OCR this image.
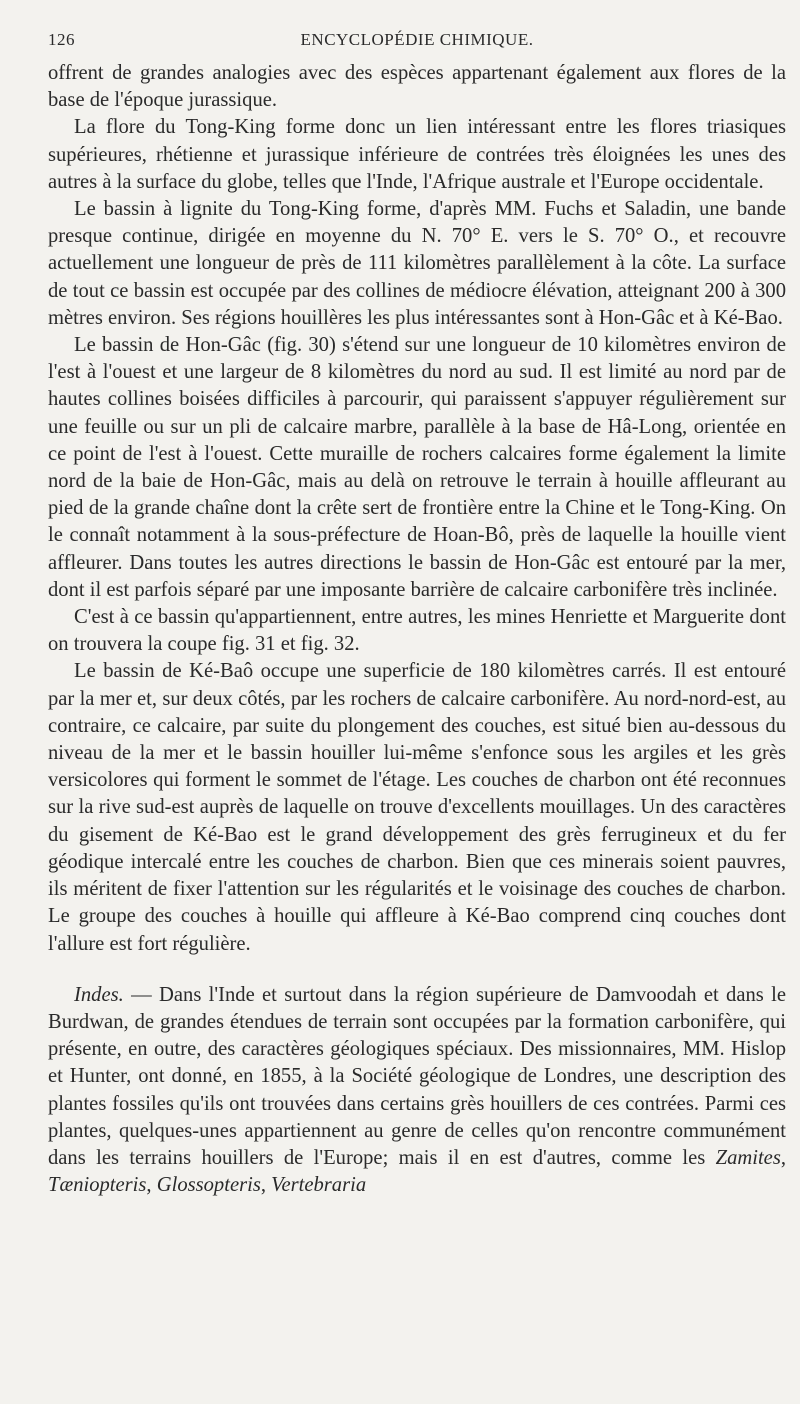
126	ENCYCLOPÉDIE CHIMIQUE.

offrent de grandes analogies avec des espèces appartenant également aux flores de la base de l'époque jurassique.

La flore du Tong-King forme donc un lien intéressant entre les flores triasiques supérieures, rhétienne et jurassique inférieure de contrées très éloignées les unes des autres à la surface du globe, telles que l'Inde, l'Afrique australe et l'Europe occidentale.

Le bassin à lignite du Tong-King forme, d'après MM. Fuchs et Saladin, une bande presque continue, dirigée en moyenne du N. 70° E. vers le S. 70° O., et recouvre actuellement une longueur de près de 111 kilomètres parallèlement à la côte. La surface de tout ce bassin est occupée par des collines de médiocre élévation, atteignant 200 à 300 mètres environ. Ses régions houillères les plus intéressantes sont à Hon-Gâc et à Ké-Bao.

Le bassin de Hon-Gâc (fig. 30) s'étend sur une longueur de 10 kilomètres environ de l'est à l'ouest et une largeur de 8 kilomètres du nord au sud. Il est limité au nord par de hautes collines boisées difficiles à parcourir, qui paraissent s'appuyer régulièrement sur une feuille ou sur un pli de calcaire marbre, parallèle à la base de Hâ-Long, orientée en ce point de l'est à l'ouest. Cette muraille de rochers calcaires forme également la limite nord de la baie de Hon-Gâc, mais au delà on retrouve le terrain à houille affleurant au pied de la grande chaîne dont la crête sert de frontière entre la Chine et le Tong-King. On le connaît notamment à la sous-préfecture de Hoan-Bô, près de laquelle la houille vient affleurer. Dans toutes les autres directions le bassin de Hon-Gâc est entouré par la mer, dont il est parfois séparé par une imposante barrière de calcaire carbonifère très inclinée.

C'est à ce bassin qu'appartiennent, entre autres, les mines Henriette et Marguerite dont on trouvera la coupe fig. 31 et fig. 32.

Le bassin de Ké-Baô occupe une superficie de 180 kilomètres carrés. Il est entouré par la mer et, sur deux côtés, par les rochers de calcaire carbonifère. Au nord-nord-est, au contraire, ce calcaire, par suite du plongement des couches, est situé bien au-dessous du niveau de la mer et le bassin houiller lui-même s'enfonce sous les argiles et les grès versicolores qui forment le sommet de l'étage. Les couches de charbon ont été reconnues sur la rive sud-est auprès de laquelle on trouve d'excellents mouillages. Un des caractères du gisement de Ké-Bao est le grand développement des grès ferrugineux et du fer géodique intercalé entre les couches de charbon. Bien que ces minerais soient pauvres, ils méritent de fixer l'attention sur les régularités et le voisinage des couches de charbon. Le groupe des couches à houille qui affleure à Ké-Bao comprend cinq couches dont l'allure est fort régulière.

Indes. — Dans l'Inde et surtout dans la région supérieure de Damvoodah et dans le Burdwan, de grandes étendues de terrain sont occupées par la formation carbonifère, qui présente, en outre, des caractères géologiques spéciaux. Des missionnaires, MM. Hislop et Hunter, ont donné, en 1855, à la Société géologique de Londres, une description des plantes fossiles qu'ils ont trouvées dans certains grès houillers de ces contrées. Parmi ces plantes, quelques-unes appartiennent au genre de celles qu'on rencontre communément dans les terrains houillers de l'Europe; mais il en est d'autres, comme les Zamites, Tæniopteris, Glossopteris, Vertebraria
